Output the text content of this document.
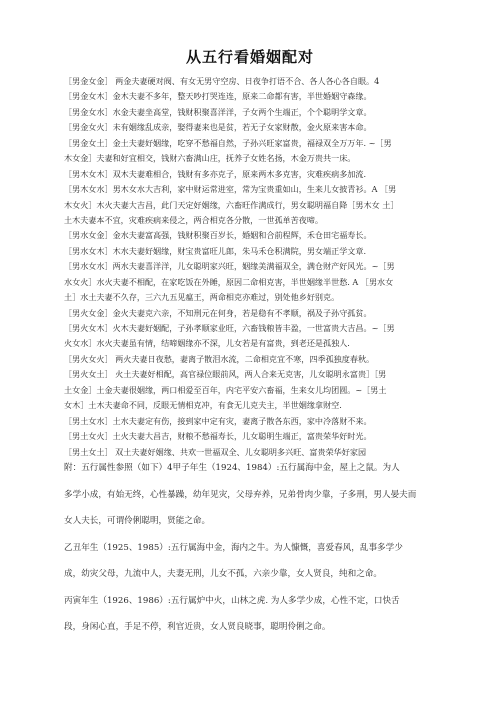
从五行看婚姻配对
［男金女金］ 两金夫妻硬对阀、有女无男守空房、日夜争打语不合、各人各心各自眼。4
［男金女木］金木夫妻不多年，整天吵打哭连连，原来二命都有害，半世婚姻守森缘。
［男金女水］水金夫妻坐高堂，钱财积聚喜洋洋，子女两个生端正，个个聪明学文章。
［男金女火］未有姻缘乱成亲，娶得妻来也是贫，若无子女家财散，金火原来害本命。
［男金女土］金土夫妻好姻缘，吃穿不愁福自然，子孙兴旺家富贵，福禄双全万万年. ~［男
木女金］夫妻和好宜相交，钱财六畜满山庄，抚养子女姓名扬，木金万贵共一床。
［男木女木］双木夫妻难相合，钱财有多亦克子，原来两木多克害，灾难疾病多加流.
［男木女水］男木女水大吉利，家中财运常进室，常为宝贵重如山，生来儿女披青衫。A ［男
木女火］木火夫妻大吉昌，此门天定好姻缘，六畜旺作满成行，男女聪明福自降［男木女 土］
土木夫妻本不宜，灾难疾病来侵之，两合相克各分散，一世孤单苦夜啼。
［男水女金］金水夫妻富高强，钱财积聚百岁长，婚姻和合前程辉，禾仓田宅福寿长。
［男水女木］木水夫妻好姻缘，财宝贵富旺儿郎，朱马禾仓积满院，男女端正学文章.
［男水女水］两水夫妻喜洋洋，儿女聪明家兴旺，姻缘美满福双全，满仓财产好风光。~［男
水女火］水火夫妻不相配，在家吃饭在外睡，原因二命相克害，半世姻缘半世愁. A ［男水女
土］水土夫妻不久存，三六九五见瘟王，两命相克亦难过，别处他乡好别克。
［男火女金］金火夫妻克六亲，不知刑元在何身，若是稳有不孝顺，祸及子孙守孤贫。
［男火女木］火木夫妻好姻配，子孙孝顺家业旺，六畜钱粮皆丰盈，一世富贵大吉昌。~［男
火女水］水火夫妻虽有情，结啼姻缘亦不深，儿女若是有富贵，到老还是孤独人.
［男火女火］ 两火夫妻日夜愁，妻离子散泪水流，二命相克宜不寒，四季孤独度春秋。
［男火女土］ 火土夫妻好相配，高官禄位眼前风，两人合来无克害，儿女聪明永富贵］［男
土女金］土金夫妻很姻缘，两口相爱至百年，内宅平安六畜福，生来女儿均团圆。~［男土
女木］土木夫妻命不同，反眼无情相克冲，有食无儿克夫主，半世姻缘拿财空.
［男土女水］土水夫妻定有伤，接到家中定有灾，妻离子散各东西，家中冷落财不来。
［男土女火］土火夫妻大昌吉，财粮不愁福寿长，儿女聪明生端正，富贵荣华好时光。
［男土女土］ 双土夫妻好姻缘、共欢一世福双全、儿女聪明多兴旺、富贵荣华好家园
附：五行属性参照（如下）4甲子年生（1924、1984）:五行属海中金，屋上之鼠。为人
多学小成，有始无终，心性暴躁，幼年见灾，父母弃养，兄弟骨肉少靠，子多刑，男人晏夫而
女人夫长，可谓伶俐聪明，贤能之命。
乙丑年生（1925、1985）:五行属海中金，海内之牛。为人慷慨，喜爱春风，乱事多学少
成，幼灾父母，九流中人，夫妻无刑，儿女不孤，六亲少靠，女人贤良，纯和之命。
丙寅年生（1926、1986）:五行属炉中火，山林之虎. 为人多学少成，心性不定，口快舌
段，身闲心直，手足不停，利官近贵，女人贤良晓事，聪明伶俐之命。
